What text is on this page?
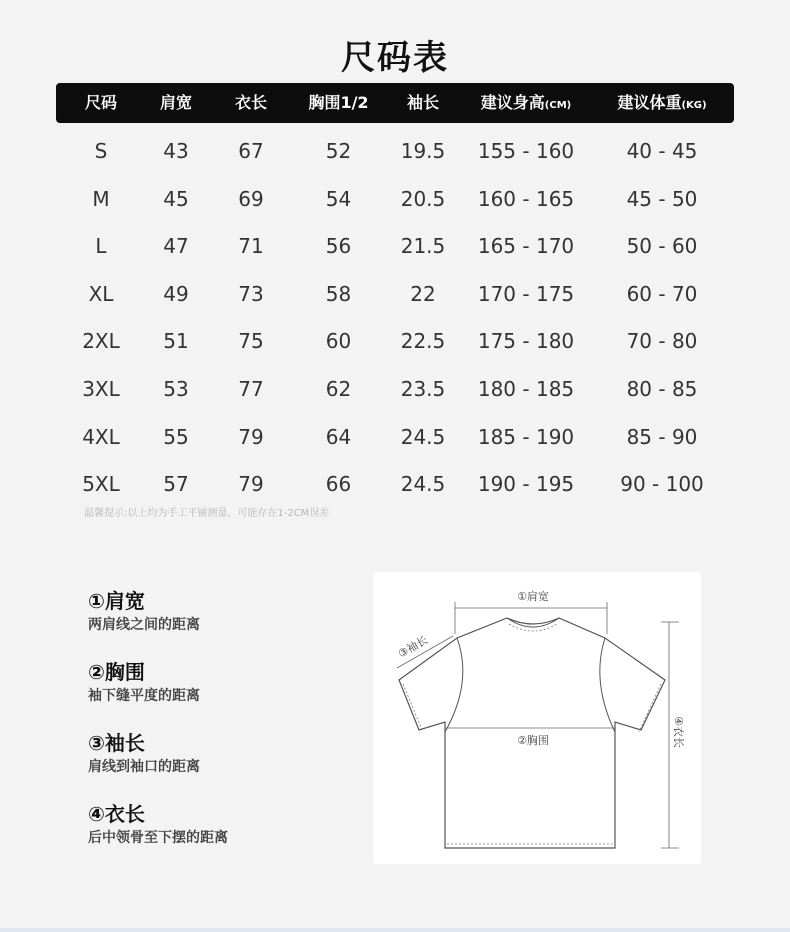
尺码表
尺码	肩宽	衣长	胸围1/2	袖长	建议身高(CM)	建议体重(KG)
S	43	67	52	19.5	155 - 160	40 - 45
M	45	69	54	20.5	160 - 165	45 - 50
L	47	71	56	21.5	165 - 170	50 - 60
XL	49	73	58	22	170 - 175	60 - 70
2XL	51	75	60	22.5	175 - 180	70 - 80
3XL	53	77	62	23.5	180 - 185	80 - 85
4XL	55	79	64	24.5	185 - 190	85 - 90
5XL	57	79	66	24.5	190 - 195	90 - 100
温馨提示:以上均为手工平铺测量，可能存在1-2CM误差
①肩宽
两肩线之间的距离
②胸围
袖下缝平度的距离
③袖长
肩线到袖口的距离
④衣长
后中领骨至下摆的距离
①肩宽
②胸围
③袖长
④衣长
